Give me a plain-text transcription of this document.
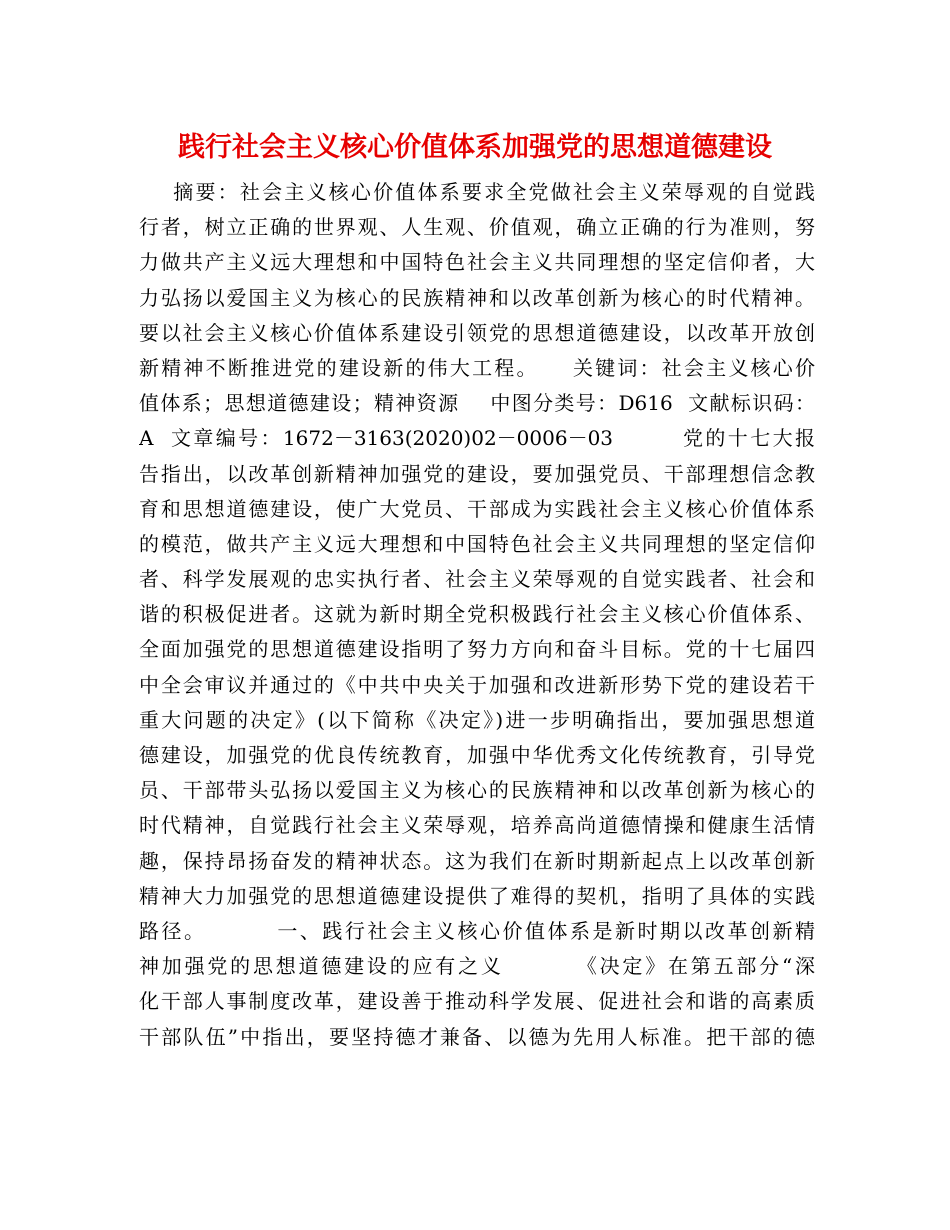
践行社会主义核心价值体系加强党的思想道德建设
摘要：社会主义核心价值体系要求全党做社会主义荣辱观的自觉践
行者，树立正确的世界观、人生观、价值观，确立正确的行为准则，努
力做共产主义远大理想和中国特色社会主义共同理想的坚定信仰者，大
力弘扬以爱国主义为核心的民族精神和以改革创新为核心的时代精神。
要以社会主义核心价值体系建设引领党的思想道德建设，以改革开放创
新精神不断推进党的建设新的伟大工程。    关键词：社会主义核心价
值体系；思想道德建设；精神资源    中图分类号：D616  文献标识码：
A  文章编号：1672－3163(2020)02－0006－03        党的十七大报
告指出，以改革创新精神加强党的建设，要加强党员、干部理想信念教
育和思想道德建设，使广大党员、干部成为实践社会主义核心价值体系
的模范，做共产主义远大理想和中国特色社会主义共同理想的坚定信仰
者、科学发展观的忠实执行者、社会主义荣辱观的自觉实践者、社会和
谐的积极促进者。这就为新时期全党积极践行社会主义核心价值体系、
全面加强党的思想道德建设指明了努力方向和奋斗目标。党的十七届四
中全会审议并通过的《中共中央关于加强和改进新形势下党的建设若干
重大问题的决定》(以下简称《决定》)进一步明确指出，要加强思想道
德建设，加强党的优良传统教育，加强中华优秀文化传统教育，引导党
员、干部带头弘扬以爱国主义为核心的民族精神和以改革创新为核心的
时代精神，自觉践行社会主义荣辱观，培养高尚道德情操和健康生活情
趣，保持昂扬奋发的精神状态。这为我们在新时期新起点上以改革创新
精神大力加强党的思想道德建设提供了难得的契机，指明了具体的实践
路径。        一、践行社会主义核心价值体系是新时期以改革创新精
神加强党的思想道德建设的应有之义        《决定》在第五部分“深
化干部人事制度改革，建设善于推动科学发展、促进社会和谐的高素质
干部队伍”中指出，要坚持德才兼备、以德为先用人标准。把干部的德
